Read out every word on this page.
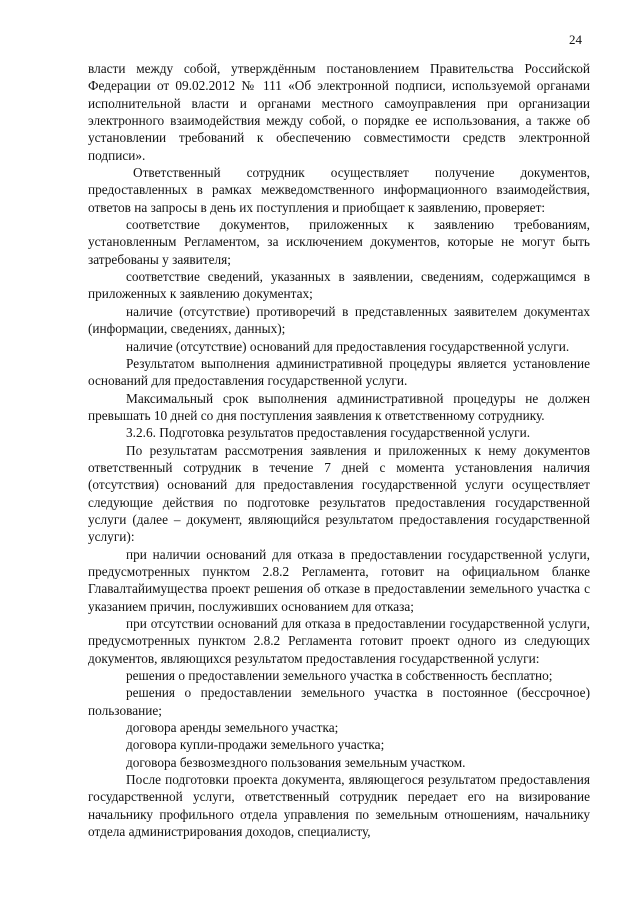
24

власти между собой, утверждённым постановлением Правительства Российской Федерации от 09.02.2012 № 111 «Об электронной подписи, используемой органами исполнительной власти и органами местного самоуправления при организации электронного взаимодействия между собой, о порядке ее использования, а также об установлении требований к обеспечению совместимости средств электронной подписи».

Ответственный сотрудник осуществляет получение документов, предоставленных в рамках межведомственного информационного взаимодействия, ответов на запросы в день их поступления и приобщает к заявлению, проверяет:

соответствие документов, приложенных к заявлению требованиям, установленным Регламентом, за исключением документов, которые не могут быть затребованы у заявителя;

соответствие сведений, указанных в заявлении, сведениям, содержащимся в приложенных к заявлению документах;

наличие (отсутствие) противоречий в представленных заявителем документах (информации, сведениях, данных);

наличие (отсутствие) оснований для предоставления государственной услуги.

Результатом выполнения административной процедуры является установление оснований для предоставления государственной услуги.

Максимальный срок выполнения административной процедуры не должен превышать 10 дней со дня поступления заявления к ответственному сотруднику.

3.2.6. Подготовка результатов предоставления государственной услуги.

По результатам рассмотрения заявления и приложенных к нему документов ответственный сотрудник в течение 7 дней с момента установления наличия (отсутствия) оснований для предоставления государственной услуги осуществляет следующие действия по подготовке результатов предоставления государственной услуги (далее – документ, являющийся результатом предоставления государственной услуги):

при наличии оснований для отказа в предоставлении государственной услуги, предусмотренных пунктом 2.8.2 Регламента, готовит на официальном бланке Главалтайимущества проект решения об отказе в предоставлении земельного участка с указанием причин, послуживших основанием для отказа;

при отсутствии оснований для отказа в предоставлении государственной услуги, предусмотренных пунктом 2.8.2 Регламента готовит проект одного из следующих документов, являющихся результатом предоставления государственной услуги:

решения о предоставлении земельного участка в собственность бесплатно;

решения о предоставлении земельного участка в постоянное (бессрочное) пользование;

договора аренды земельного участка;

договора купли-продажи земельного участка;

договора безвозмездного пользования земельным участком.

После подготовки проекта документа, являющегося результатом предоставления государственной услуги, ответственный сотрудник передает его на визирование начальнику профильного отдела управления по земельным отношениям, начальнику отдела администрирования доходов, специалисту,
